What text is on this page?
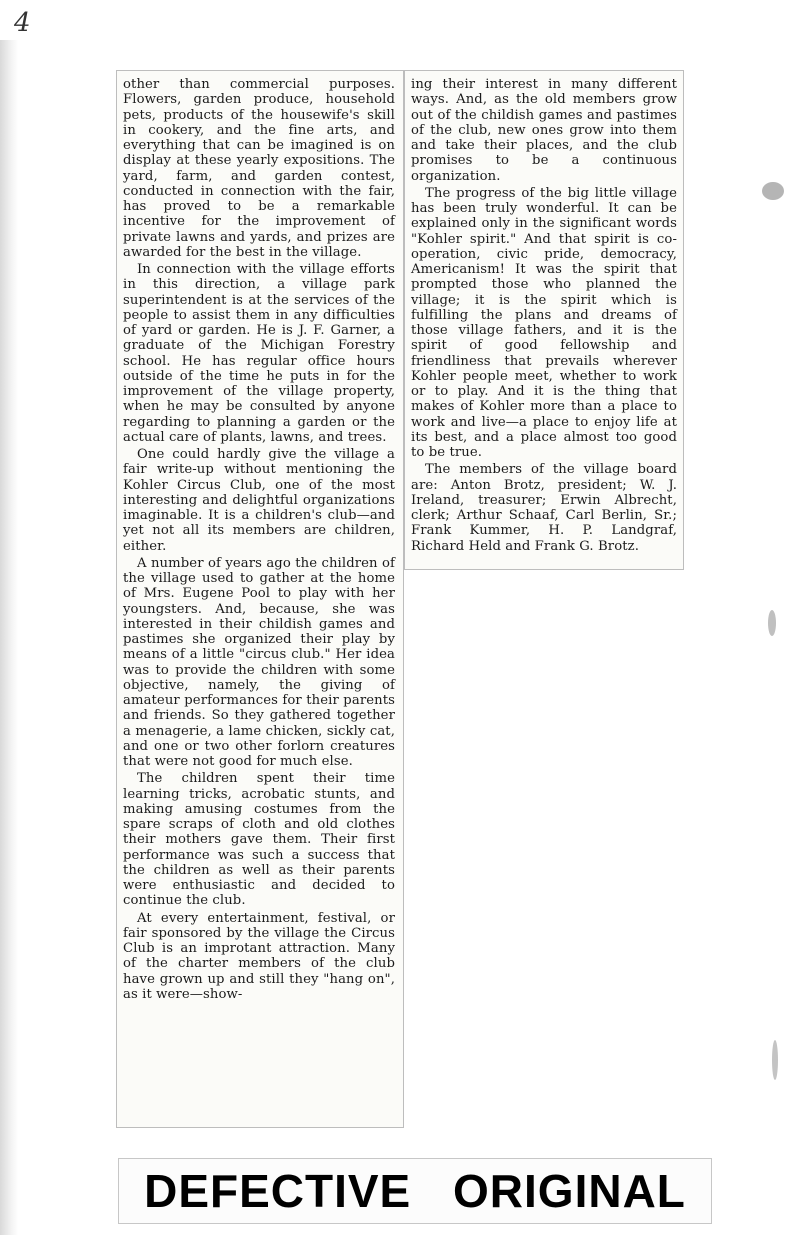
4

other than commercial purposes. Flowers, garden produce, household pets, products of the housewife's skill in cookery, and the fine arts, and everything that can be imagined is on display at these yearly expositions. The yard, farm, and garden contest, conducted in connection with the fair, has proved to be a remarkable incentive for the improvement of private lawns and yards, and prizes are awarded for the best in the village.

In connection with the village efforts in this direction, a village park superintendent is at the services of the people to assist them in any difficulties of yard or garden. He is J. F. Garner, a graduate of the Michigan Forestry school. He has regular office hours outside of the time he puts in for the improvement of the village property, when he may be consulted by anyone regarding to planning a garden or the actual care of plants, lawns, and trees.

One could hardly give the village a fair write-up without mentioning the Kohler Circus Club, one of the most interesting and delightful organizations imaginable. It is a children's club—and yet not all its members are children, either.

A number of years ago the children of the village used to gather at the home of Mrs. Eugene Pool to play with her youngsters. And, because, she was interested in their childish games and pastimes she organized their play by means of a little "circus club." Her idea was to provide the children with some objective, namely, the giving of amateur performances for their parents and friends. So they gathered together a menagerie, a lame chicken, sickly cat, and one or two other forlorn creatures that were not good for much else.

The children spent their time learning tricks, acrobatic stunts, and making amusing costumes from the spare scraps of cloth and old clothes their mothers gave them. Their first performance was such a success that the children as well as their parents were enthusiastic and decided to continue the club.

At every entertainment, festival, or fair sponsored by the village the Circus Club is an improtant attraction. Many of the charter members of the club have grown up and still they "hang on", as it were—show-

ing their interest in many different ways. And, as the old members grow out of the childish games and pastimes of the club, new ones grow into them and take their places, and the club promises to be a continuous organization.

The progress of the big little village has been truly wonderful. It can be explained only in the significant words "Kohler spirit." And that spirit is co-operation, civic pride, democracy, Americanism! It was the spirit that prompted those who planned the village; it is the spirit which is fulfilling the plans and dreams of those village fathers, and it is the spirit of good fellowship and friendliness that prevails wherever Kohler people meet, whether to work or to play. And it is the thing that makes of Kohler more than a place to work and live—a place to enjoy life at its best, and a place almost too good to be true.

The members of the village board are: Anton Brotz, president; W. J. Ireland, treasurer; Erwin Albrecht, clerk; Arthur Schaaf, Carl Berlin, Sr.; Frank Kummer, H. P. Landgraf, Richard Held and Frank G. Brotz.

DEFECTIVE ORIGINAL
